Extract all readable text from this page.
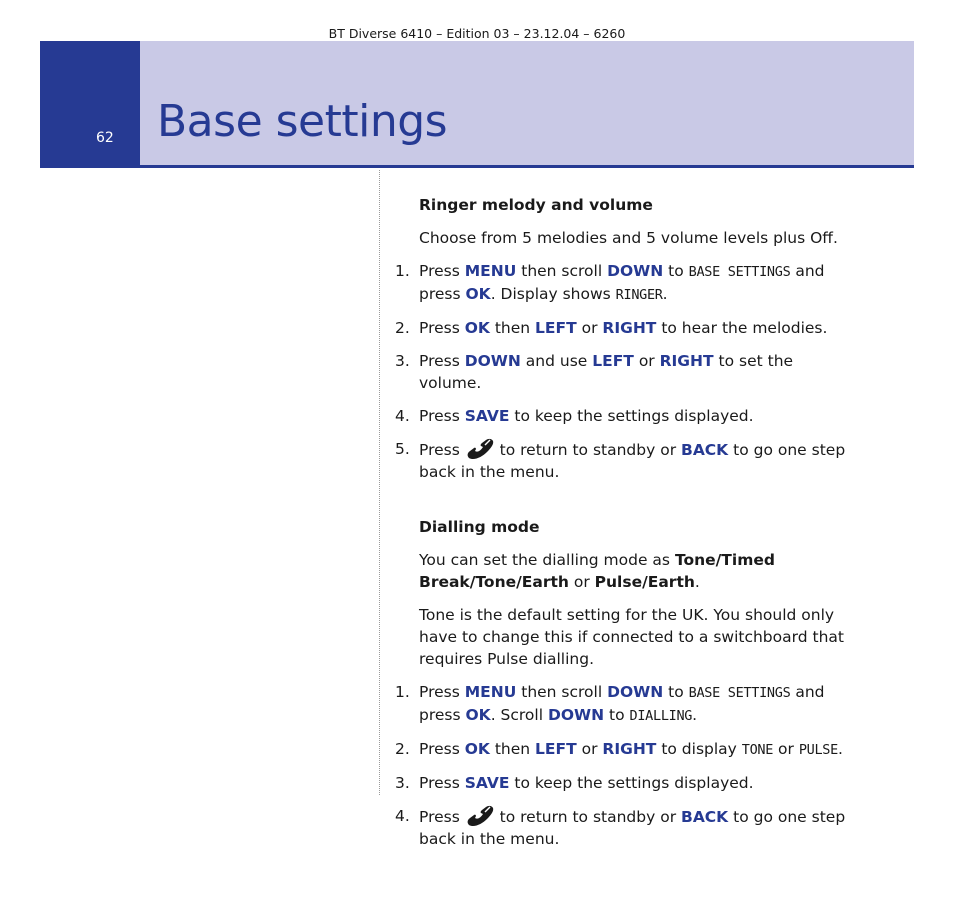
BT Diverse 6410 – Edition 03 – 23.12.04 – 6260
62 Base settings
Ringer melody and volume
Choose from 5 melodies and 5 volume levels plus Off.
1. Press MENU then scroll DOWN to BASE SETTINGS and press OK. Display shows RINGER.
2. Press OK then LEFT or RIGHT to hear the melodies.
3. Press DOWN and use LEFT or RIGHT to set the volume.
4. Press SAVE to keep the settings displayed.
5. Press  to return to standby or BACK to go one step back in the menu.
Dialling mode
You can set the dialling mode as Tone/Timed Break/Tone/Earth or Pulse/Earth.
Tone is the default setting for the UK. You should only have to change this if connected to a switchboard that requires Pulse dialling.
1. Press MENU then scroll DOWN to BASE SETTINGS and press OK. Scroll DOWN to DIALLING.
2. Press OK then LEFT or RIGHT to display TONE or PULSE.
3. Press SAVE to keep the settings displayed.
4. Press  to return to standby or BACK to go one step back in the menu.
